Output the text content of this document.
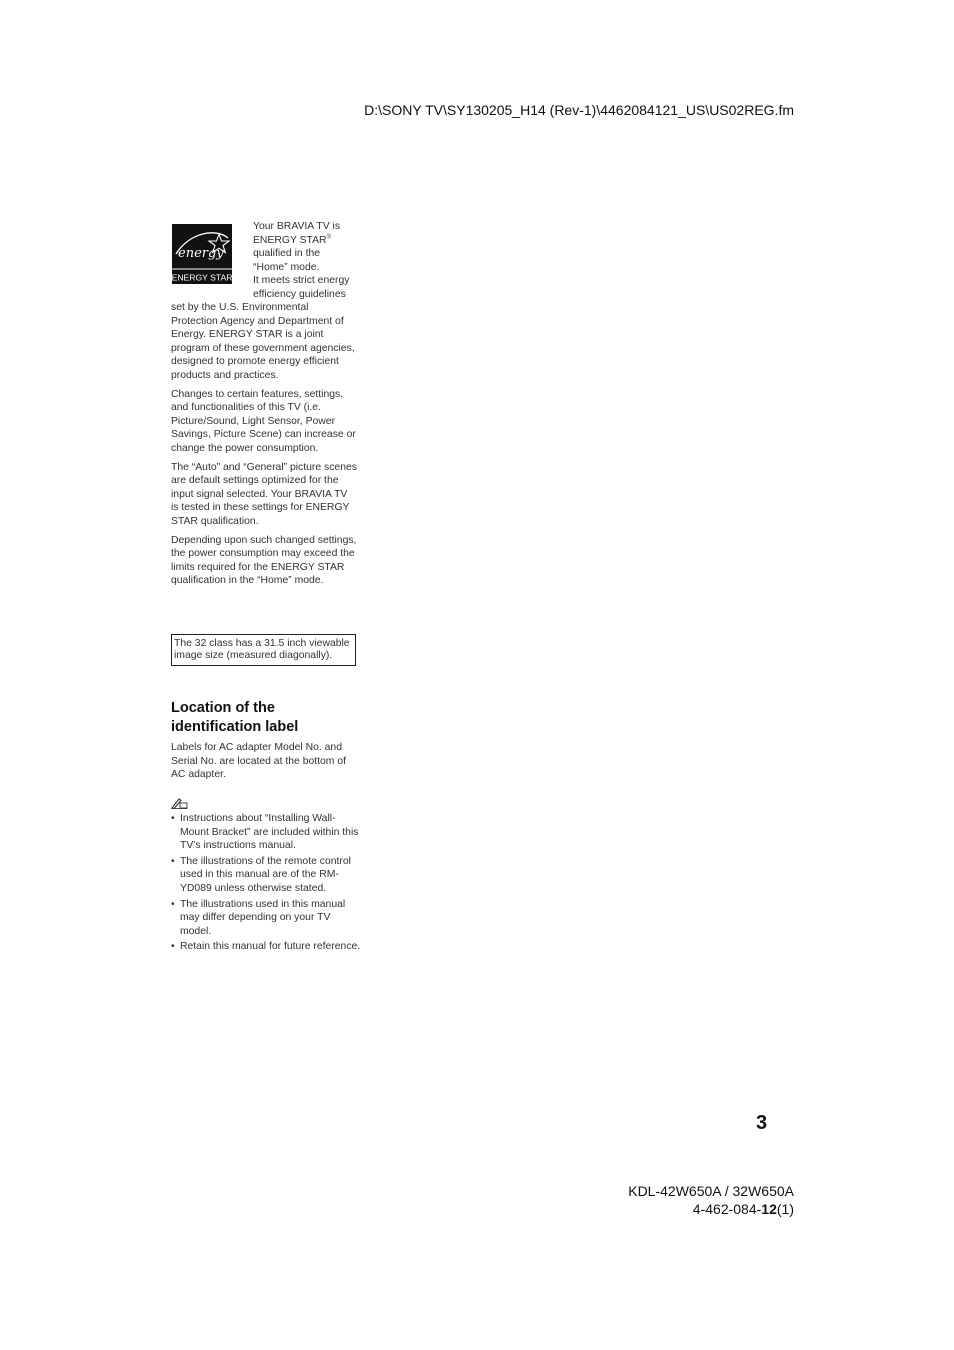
D:\SONY TV\SY130205_H14 (Rev-1)\4462084121_US\US02REG.fm
energy
ENERGY STAR
Your BRAVIA TV is
ENERGY STAR®
qualified in the
“Home” mode.
It meets strict energy
efficiency guidelines

set by the U.S. Environmental Protection Agency and Department of Energy. ENERGY STAR is a joint program of these government agencies, designed to promote energy efficient products and practices.

Changes to certain features, settings, and functionalities of this TV (i.e. Picture/Sound, Light Sensor, Power Savings, Picture Scene) can increase or change the power consumption.

The “Auto” and “General” picture scenes are default settings optimized for the input signal selected. Your BRAVIA TV is tested in these settings for ENERGY STAR qualification.

Depending upon such changed settings, the power consumption may exceed the limits required for the ENERGY STAR qualification in the “Home” mode.

The 32 class has a 31.5 inch viewable image size (measured diagonally).
Location of the
identification label

Labels for AC adapter Model No. and Serial No. are located at the bottom of AC adapter.

• Instructions about “Installing Wall-Mount Bracket” are included within this TV’s instructions manual.
• The illustrations of the remote control used in this manual are of the RM-YD089 unless otherwise stated.
• The illustrations used in this manual may differ depending on your TV model.
• Retain this manual for future reference.
3
KDL-42W650A / 32W650A
4-462-084-12(1)
